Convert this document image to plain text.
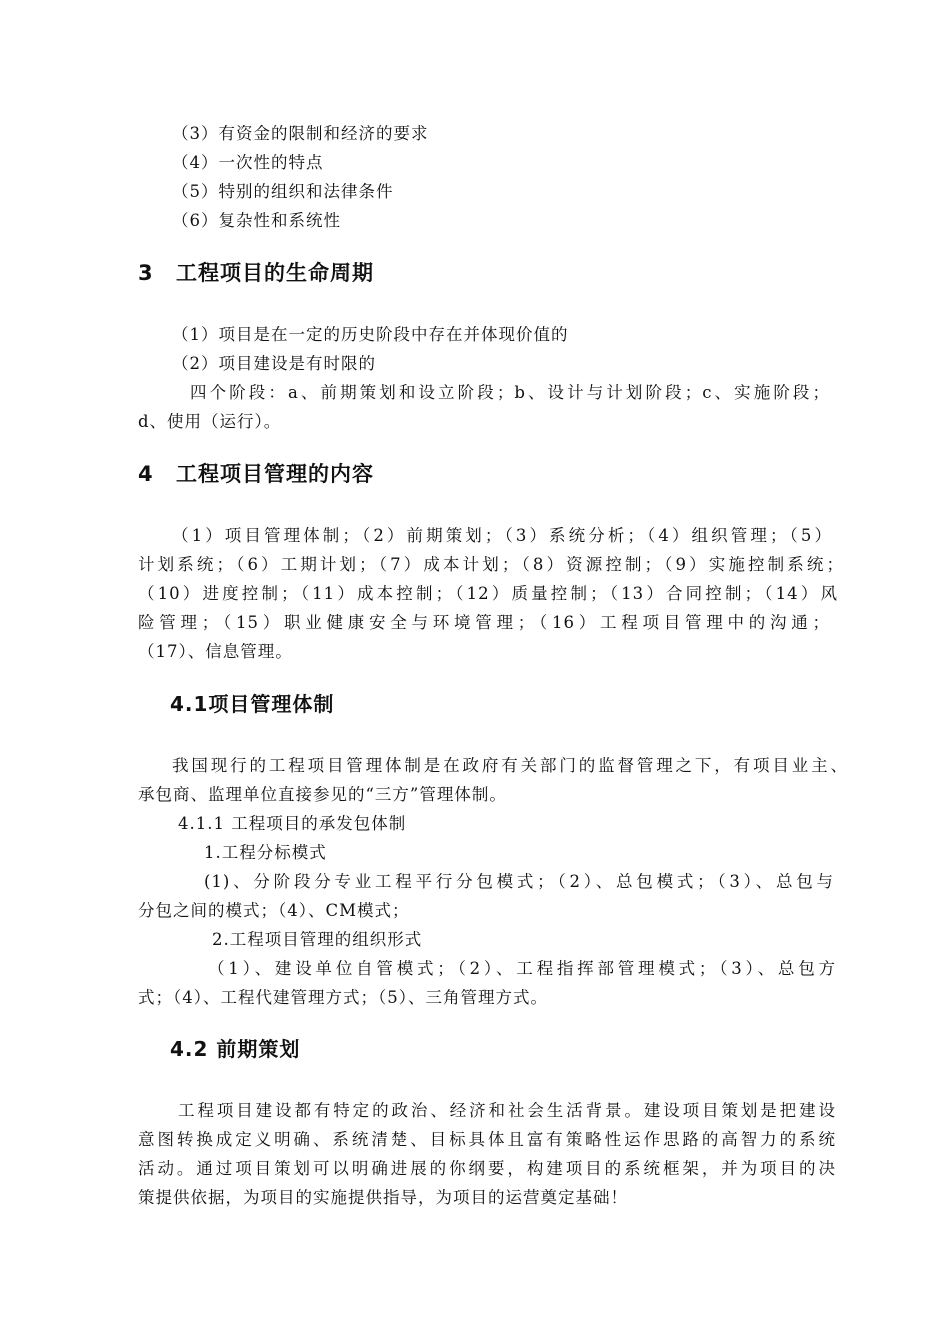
（3）有资金的限制和经济的要求
（4）一次性的特点
（5）特别的组织和法律条件
（6）复杂性和系统性
3 工程项目的生命周期
（1）项目是在一定的历史阶段中存在并体现价值的
（2）项目建设是有时限的
四个阶段：a、前期策划和设立阶段；b、设计与计划阶段；c、实施阶段；
d、使用（运行）。
4 工程项目管理的内容
（1）项目管理体制；（2）前期策划；（3）系统分析；（4）组织管理；（5）
计划系统；（6）工期计划；（7）成本计划；（8）资源控制；（9）实施控制系统；
（10）进度控制；（11）成本控制；（12）质量控制；（13）合同控制；（14）风
险管理；（15）职业健康安全与环境管理；（16）工程项目管理中的沟通；
（17）、信息管理。
4.1项目管理体制
我国现行的工程项目管理体制是在政府有关部门的监督管理之下，有项目业主、
承包商、监理单位直接参见的“三方”管理体制。
4.1.1 工程项目的承发包体制
1.工程分标模式
(1)、分阶段分专业工程平行分包模式；（2）、总包模式；（3）、总包与
分包之间的模式；（4）、CM模式；
2.工程项目管理的组织形式
（1）、建设单位自管模式；（2）、工程指挥部管理模式；（3）、总包方
式；（4）、工程代建管理方式；（5）、三角管理方式。
4.2 前期策划
工程项目建设都有特定的政治、经济和社会生活背景。建设项目策划是把建设
意图转换成定义明确、系统清楚、目标具体且富有策略性运作思路的高智力的系统
活动。通过项目策划可以明确进展的你纲要，构建项目的系统框架，并为项目的决
策提供依据，为项目的实施提供指导，为项目的运营奠定基础！
